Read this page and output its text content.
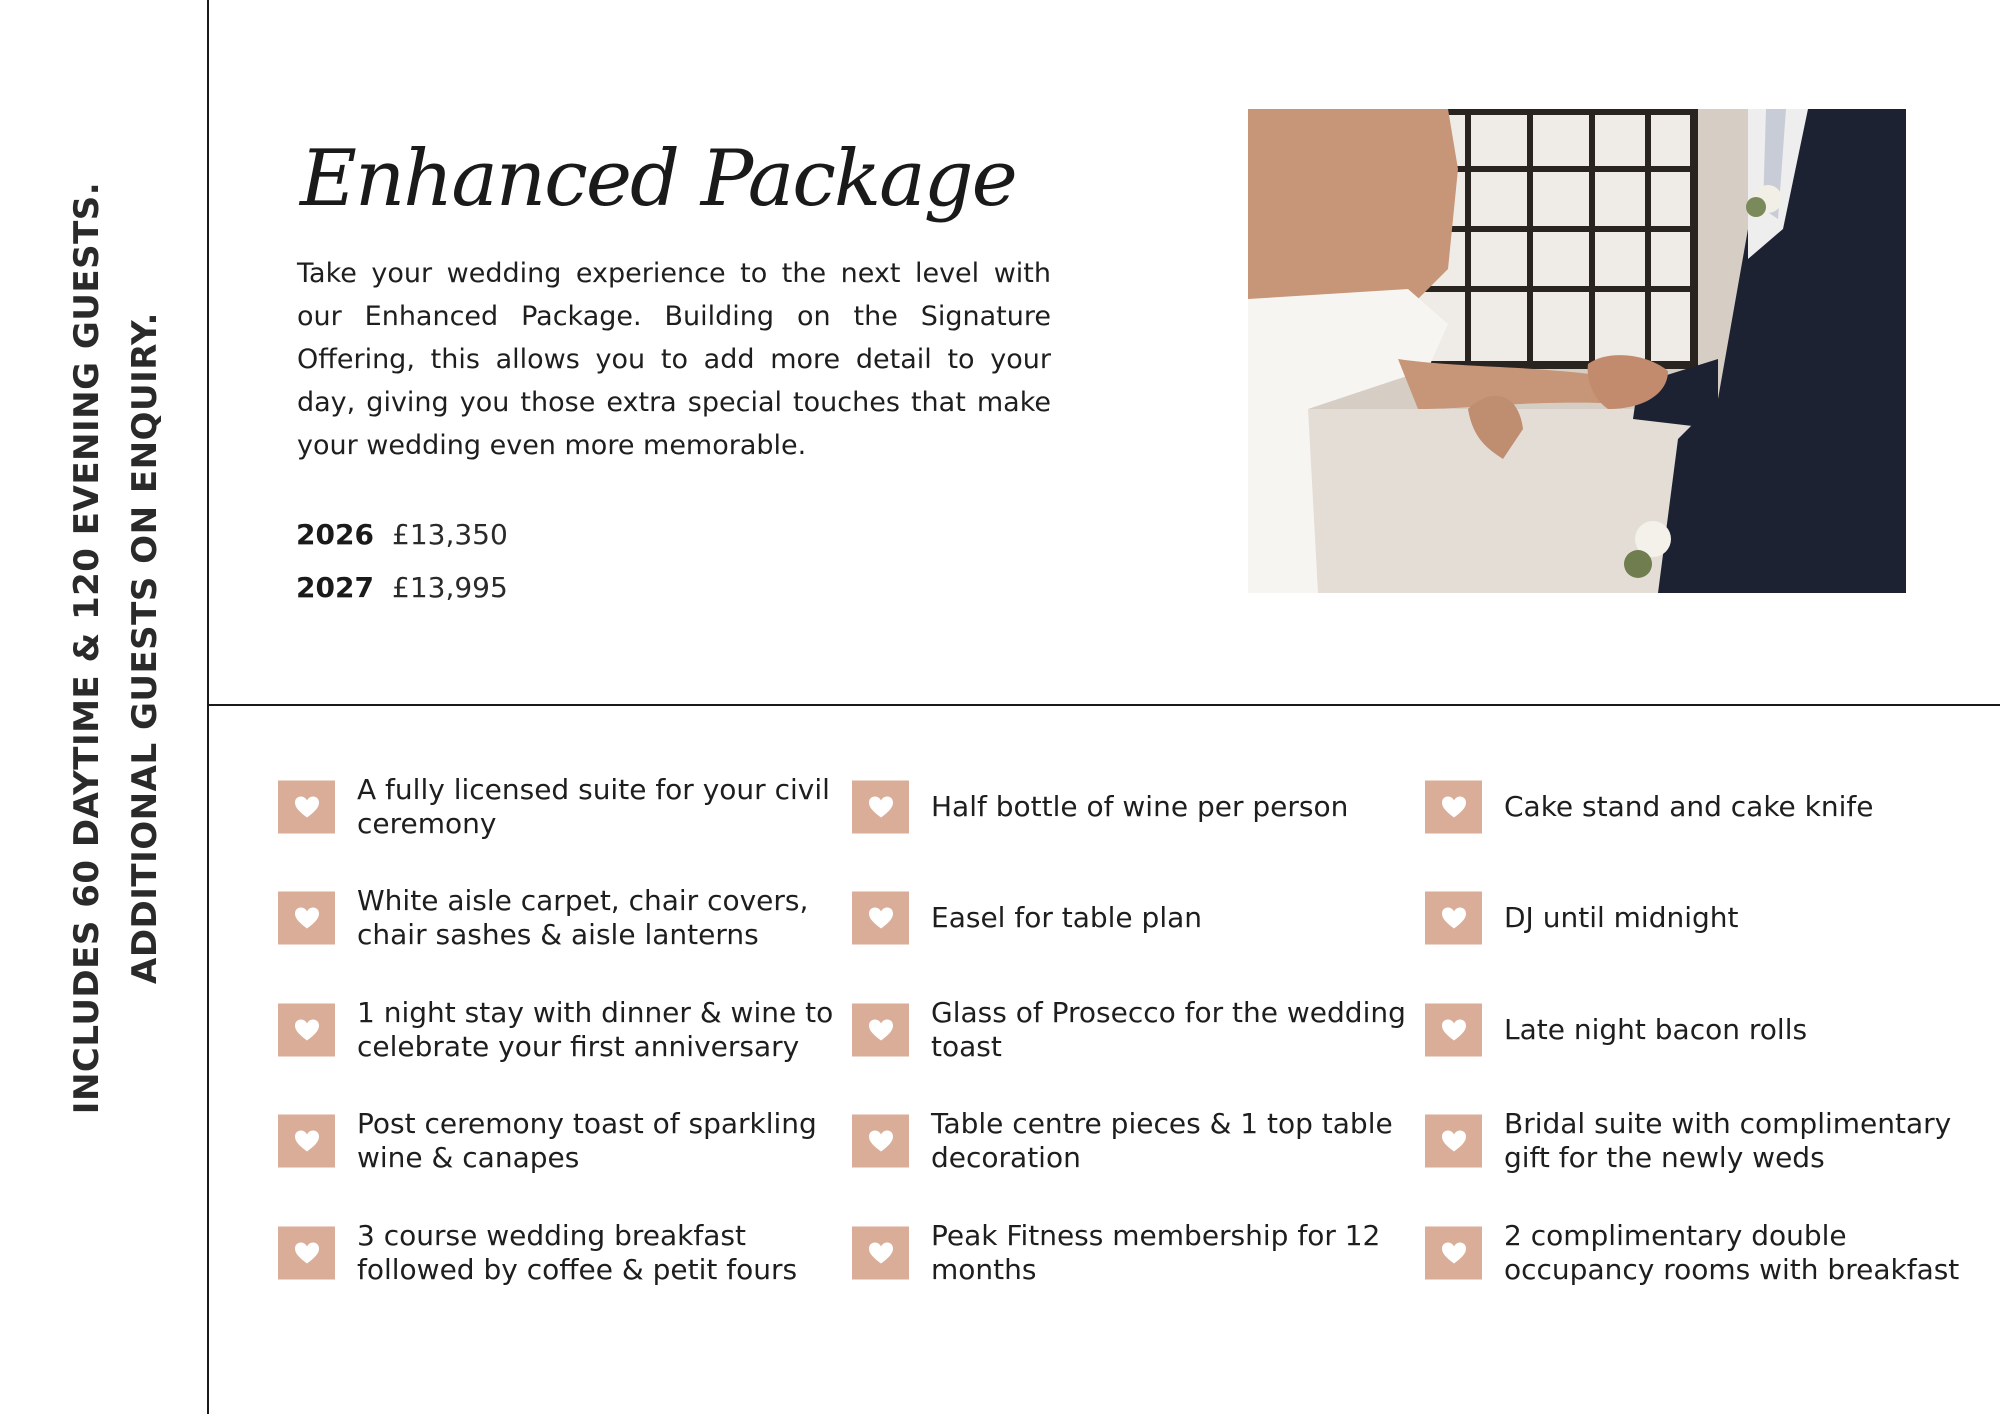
INCLUDES 60 DAYTIME & 120 EVENING GUESTS. ADDITIONAL GUESTS ON ENQUIRY.
Enhanced Package

Take your wedding experience to the next level with our Enhanced Package. Building on the Signature Offering, this allows you to add more detail to your day, giving you those extra special touches that make your wedding even more memorable.

2026 £13,350
2027 £13,995
A fully licensed suite for your civil ceremony
White aisle carpet, chair covers, chair sashes & aisle lanterns
1 night stay with dinner & wine to celebrate your first anniversary
Post ceremony toast of sparkling wine & canapes
3 course wedding breakfast followed by coffee & petit fours
Half bottle of wine per person
Easel for table plan
Glass of Prosecco for the wedding toast
Table centre pieces & 1 top table decoration
Peak Fitness membership for 12 months
Cake stand and cake knife
DJ until midnight
Late night bacon rolls
Bridal suite with complimentary gift for the newly weds
2 complimentary double occupancy rooms with breakfast
